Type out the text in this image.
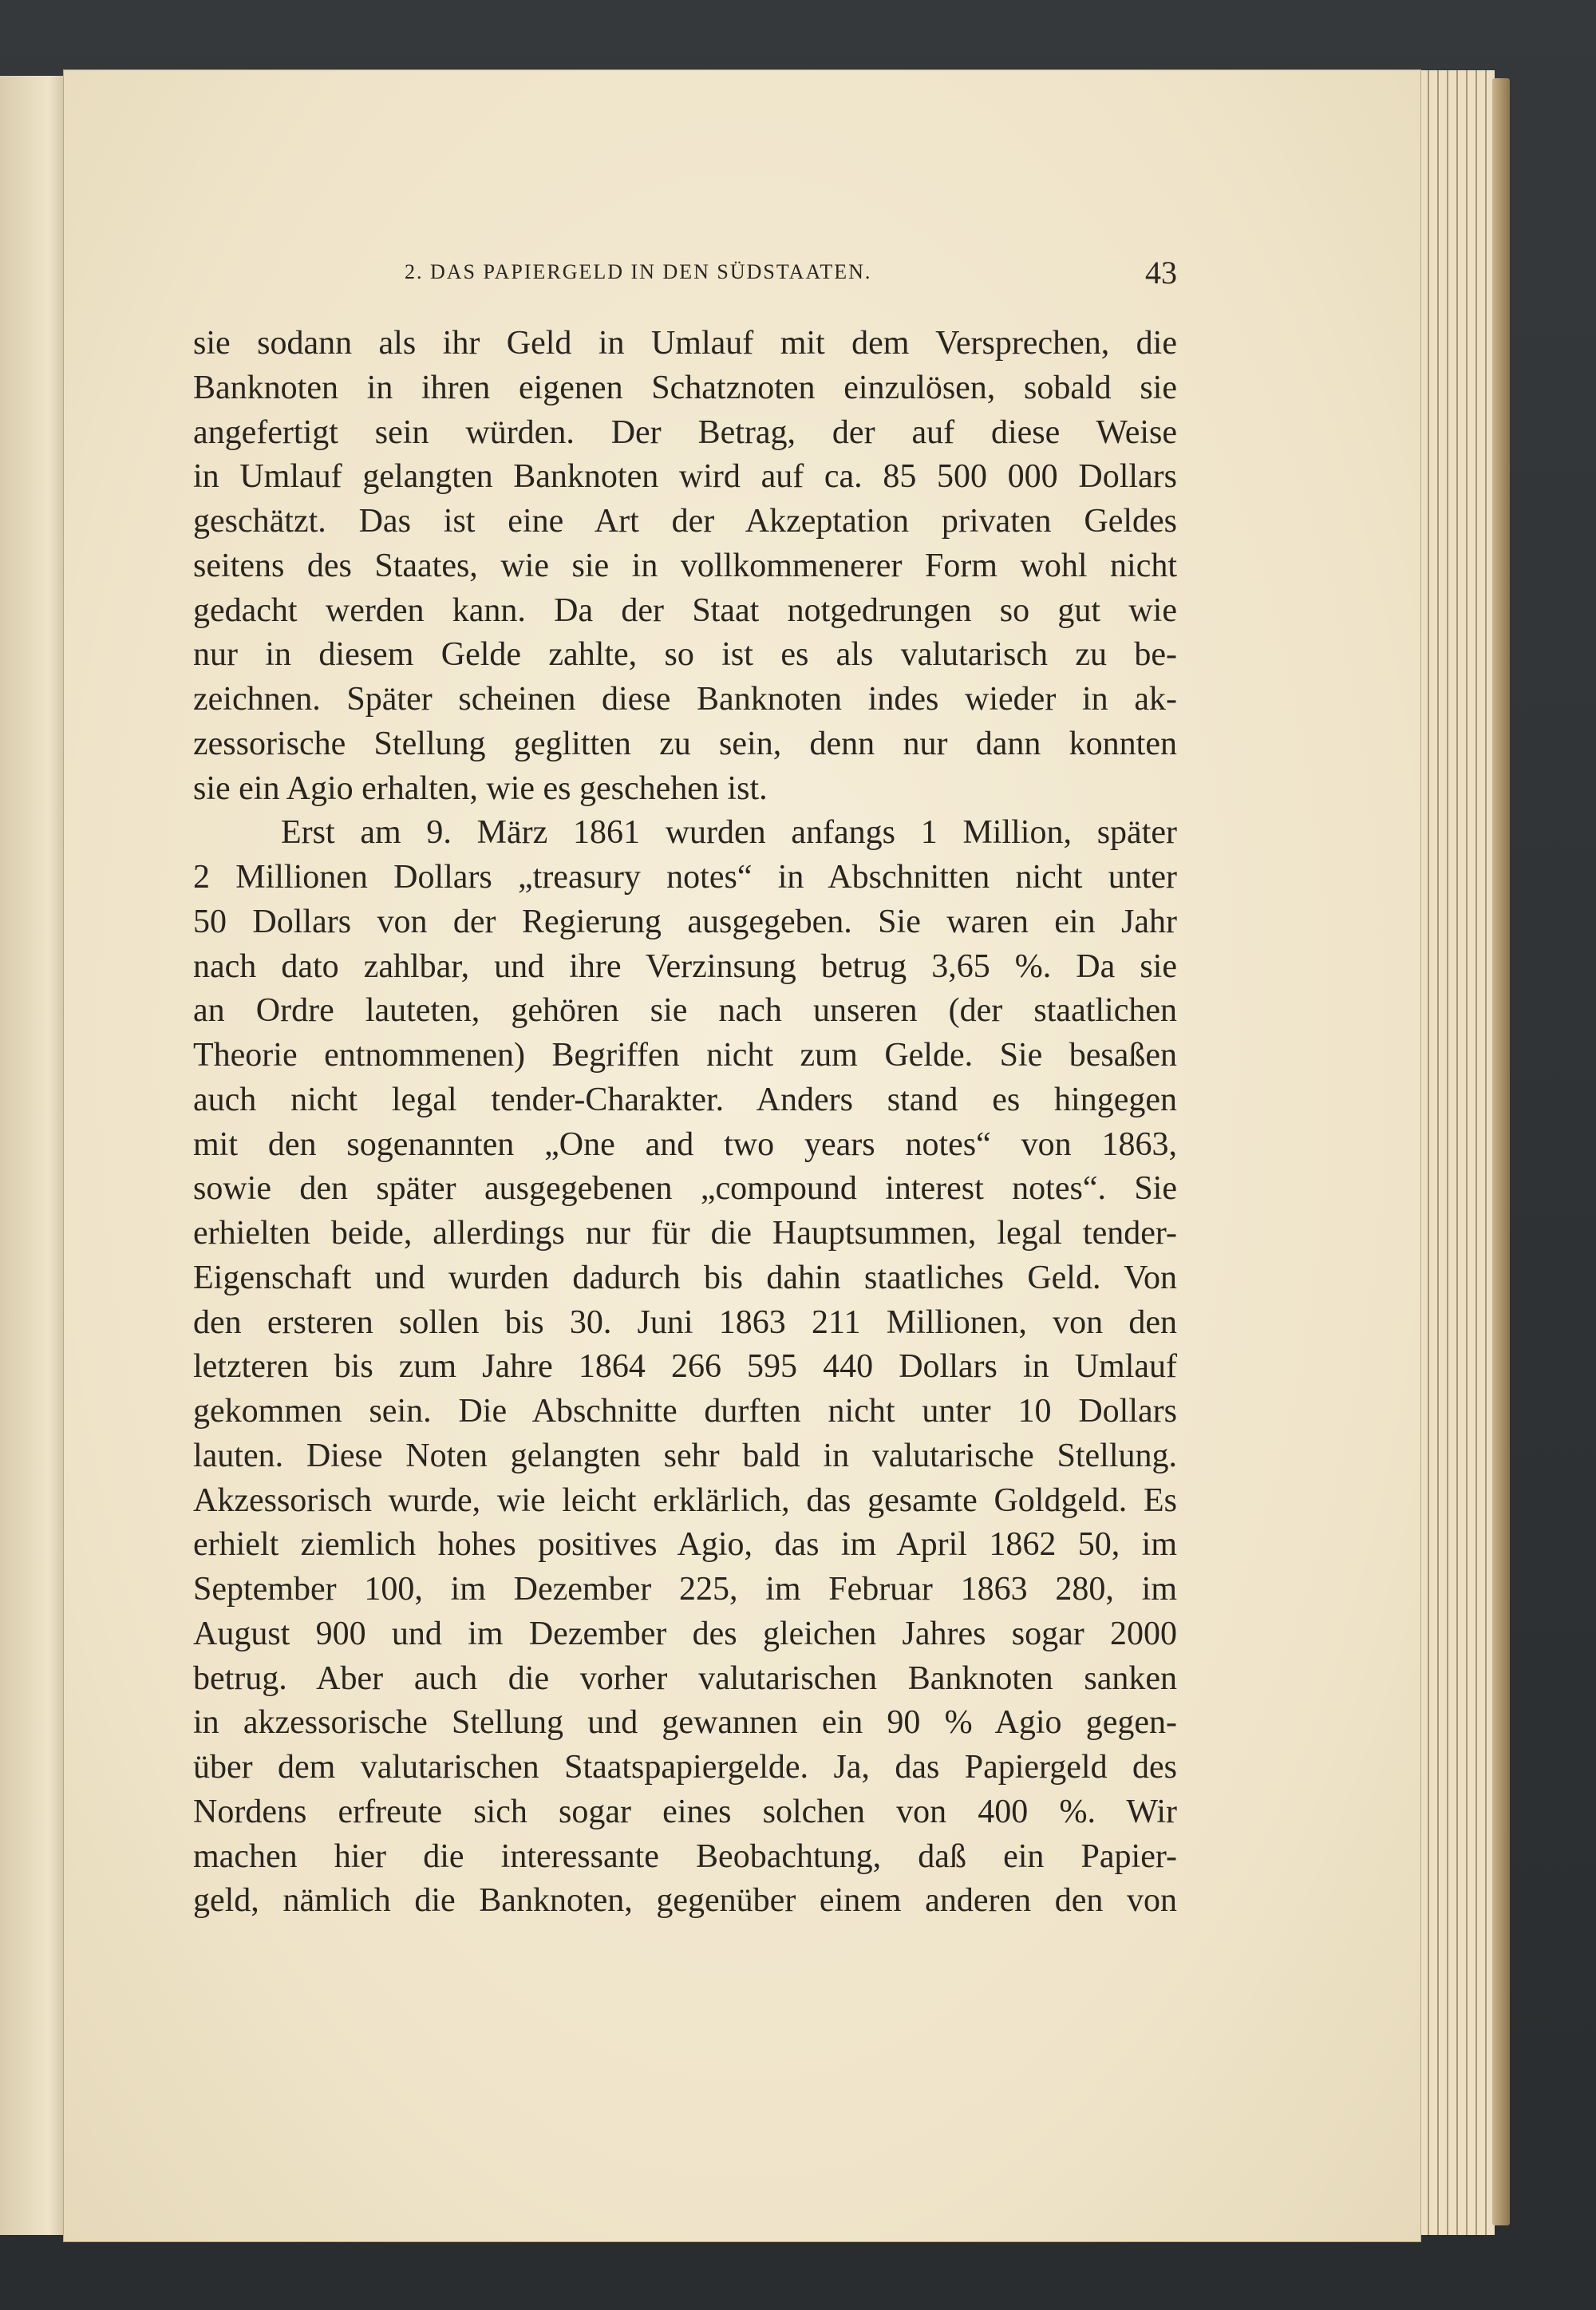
2. DAS PAPIERGELD IN DEN SÜDSTAATEN.	43
sie sodann als ihr Geld in Umlauf mit dem Versprechen, die
Banknoten in ihren eigenen Schatznoten einzulösen, sobald sie
angefertigt sein würden. Der Betrag, der auf diese Weise
in Umlauf gelangten Banknoten wird auf ca. 85 500 000 Dollars
geschätzt. Das ist eine Art der Akzeptation privaten Geldes
seitens des Staates, wie sie in vollkommenerer Form wohl nicht
gedacht werden kann. Da der Staat notgedrungen so gut wie
nur in diesem Gelde zahlte, so ist es als valutarisch zu be-
zeichnen. Später scheinen diese Banknoten indes wieder in ak-
zessorische Stellung geglitten zu sein, denn nur dann konnten
sie ein Agio erhalten, wie es geschehen ist.
Erst am 9. März 1861 wurden anfangs 1 Million, später
2 Millionen Dollars „treasury notes“ in Abschnitten nicht unter
50 Dollars von der Regierung ausgegeben. Sie waren ein Jahr
nach dato zahlbar, und ihre Verzinsung betrug 3,65 %. Da sie
an Ordre lauteten, gehören sie nach unseren (der staatlichen
Theorie entnommenen) Begriffen nicht zum Gelde. Sie besaßen
auch nicht legal tender-Charakter. Anders stand es hingegen
mit den sogenannten „One and two years notes“ von 1863,
sowie den später ausgegebenen „compound interest notes“. Sie
erhielten beide, allerdings nur für die Hauptsummen, legal tender-
Eigenschaft und wurden dadurch bis dahin staatliches Geld. Von
den ersteren sollen bis 30. Juni 1863 211 Millionen, von den
letzteren bis zum Jahre 1864 266 595 440 Dollars in Umlauf
gekommen sein. Die Abschnitte durften nicht unter 10 Dollars
lauten. Diese Noten gelangten sehr bald in valutarische Stellung.
Akzessorisch wurde, wie leicht erklärlich, das gesamte Goldgeld. Es
erhielt ziemlich hohes positives Agio, das im April 1862 50, im
September 100, im Dezember 225, im Februar 1863 280, im
August 900 und im Dezember des gleichen Jahres sogar 2000
betrug. Aber auch die vorher valutarischen Banknoten sanken
in akzessorische Stellung und gewannen ein 90 % Agio gegen-
über dem valutarischen Staatspapiergelde. Ja, das Papiergeld des
Nordens erfreute sich sogar eines solchen von 400 %. Wir
machen hier die interessante Beobachtung, daß ein Papier-
geld, nämlich die Banknoten, gegenüber einem anderen den von
